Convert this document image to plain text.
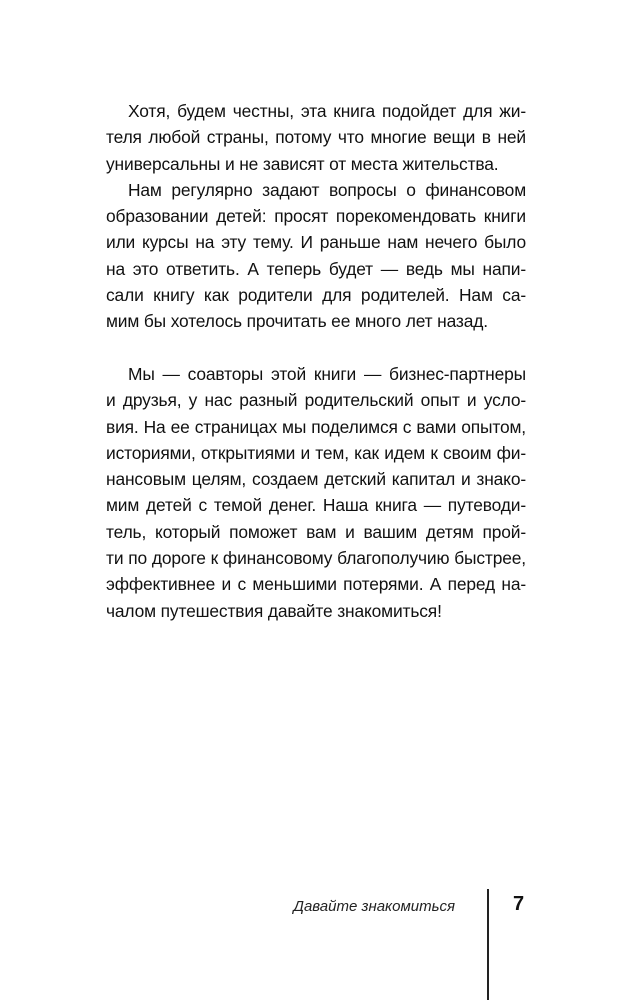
Хотя, будем честны, эта книга подойдет для жи-
теля любой страны, потому что многие вещи в ней
универсальны и не зависят от места жительства.
Нам регулярно задают вопросы о финансовом
образовании детей: просят порекомендовать книги
или курсы на эту тему. И раньше нам нечего было
на это ответить. А теперь будет — ведь мы напи-
сали книгу как родители для родителей. Нам са-
мим бы хотелось прочитать ее много лет назад.
Мы — соавторы этой книги — бизнес-партнеры
и друзья, у нас разный родительский опыт и усло-
вия. На ее страницах мы поделимся с вами опытом,
историями, открытиями и тем, как идем к своим фи-
нансовым целям, создаем детский капитал и знако-
мим детей с темой денег. Наша книга — путеводи-
тель, который поможет вам и вашим детям прой-
ти по дороге к финансовому благополучию быстрее,
эффективнее и с меньшими потерями. А перед на-
чалом путешествия давайте знакомиться!
Давайте знакомиться	7
